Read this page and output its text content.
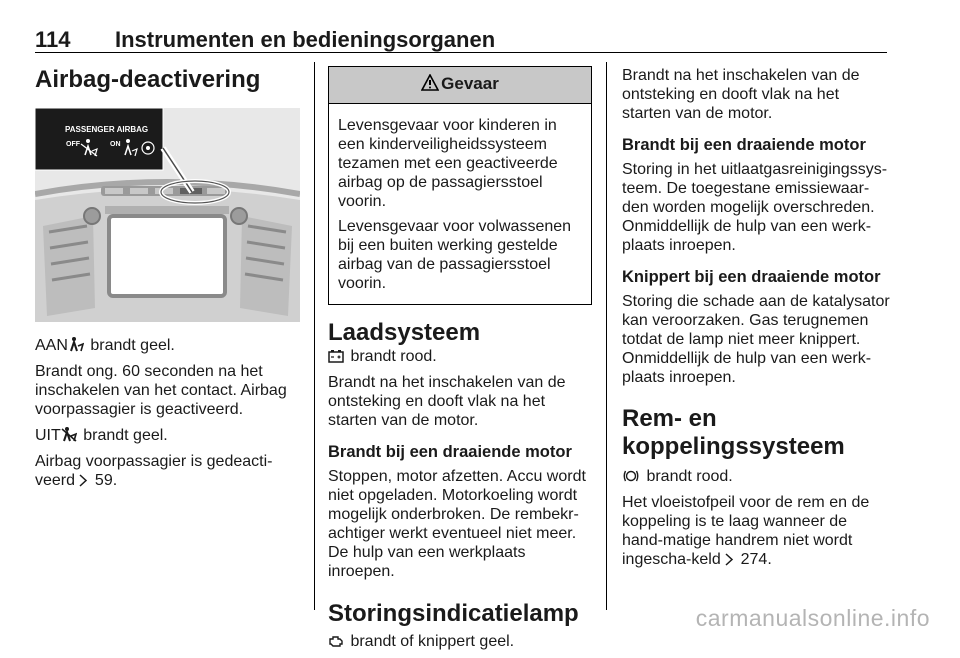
114 Instrumenten en bedieningsorganen
Airbag-deactivering
PASSENGER AIRBAG
OFF	ON

AAN brandt geel.

Brandt ong. 60 seconden na het inschakelen van het contact. Airbag voorpassagier is geactiveerd.

UIT brandt geel.

Airbag voorpassagier is gedeacti-veerd  59.

Gevaar

Levensgevaar voor kinderen in een kinderveiligheidssysteem tezamen met een geactiveerde airbag op de passagiersstoel voorin.

Levensgevaar voor volwassenen bij een buiten werking gestelde airbag van de passagiersstoel voorin.

Laadsysteem

brandt rood.

Brandt na het inschakelen van de ontsteking en dooft vlak na het starten van de motor.

Brandt bij een draaiende motor

Stoppen, motor afzetten. Accu wordt niet opgeladen. Motorkoeling wordt mogelijk onderbroken. De rembekr-achtiger werkt eventueel niet meer. De hulp van een werkplaats inroepen.

Storingsindicatielamp

brandt of knippert geel.

Brandt na het inschakelen van de ontsteking en dooft vlak na het starten van de motor.

Brandt bij een draaiende motor

Storing in het uitlaatgasreinigingssys-teem. De toegestane emissiewaar-den worden mogelijk overschreden. Onmiddellijk de hulp van een werk-plaats inroepen.

Knippert bij een draaiende motor

Storing die schade aan de katalysator kan veroorzaken. Gas terugnemen totdat de lamp niet meer knippert. Onmiddellijk de hulp van een werk-plaats inroepen.

Rem- en
koppelingssysteem

brandt rood.

Het vloeistofpeil voor de rem en de koppeling is te laag wanneer de hand-matige handrem niet wordt ingescha-keld  274.

carmanualsonline.info
